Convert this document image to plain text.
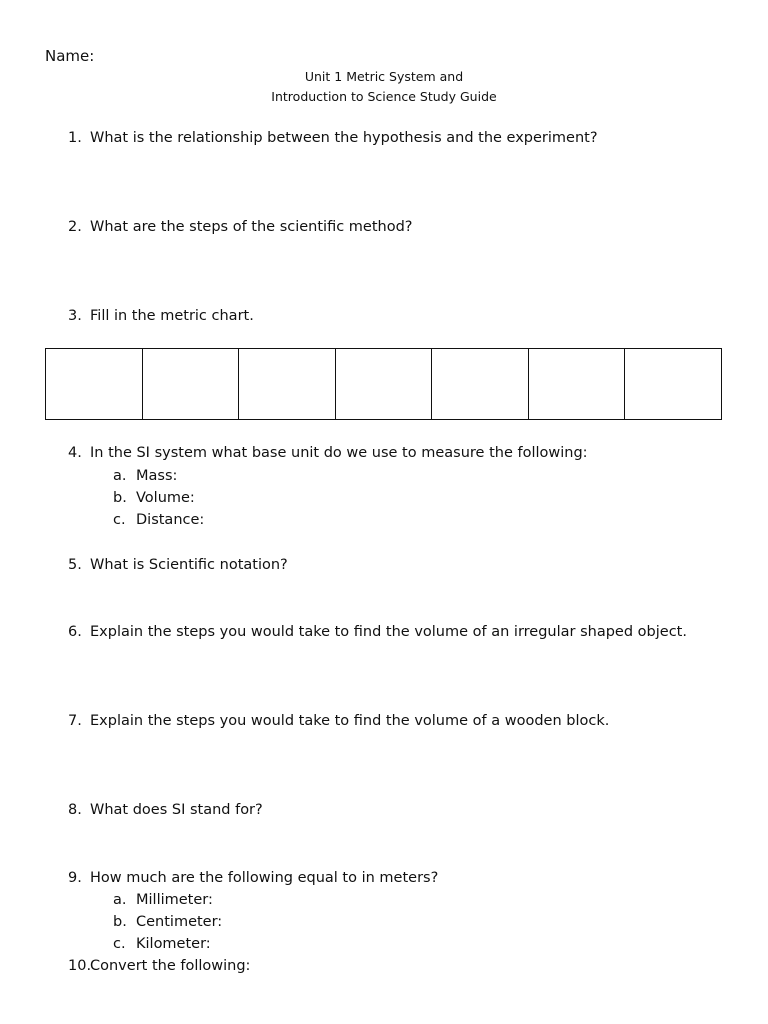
Name:
Unit 1 Metric System and
Introduction to Science Study Guide
1. What is the relationship between the hypothesis and the experiment?
2. What are the steps of the scientific method?
3. Fill in the metric chart.
4. In the SI system what base unit do we use to measure the following:
a. Mass:
b. Volume:
c. Distance:
5. What is Scientific notation?
6. Explain the steps you would take to find the volume of an irregular shaped object.
7. Explain the steps you would take to find the volume of a wooden block.
8. What does SI stand for?
9. How much are the following equal to in meters?
a. Millimeter:
b. Centimeter:
c. Kilometer:
10.
Convert the following:
